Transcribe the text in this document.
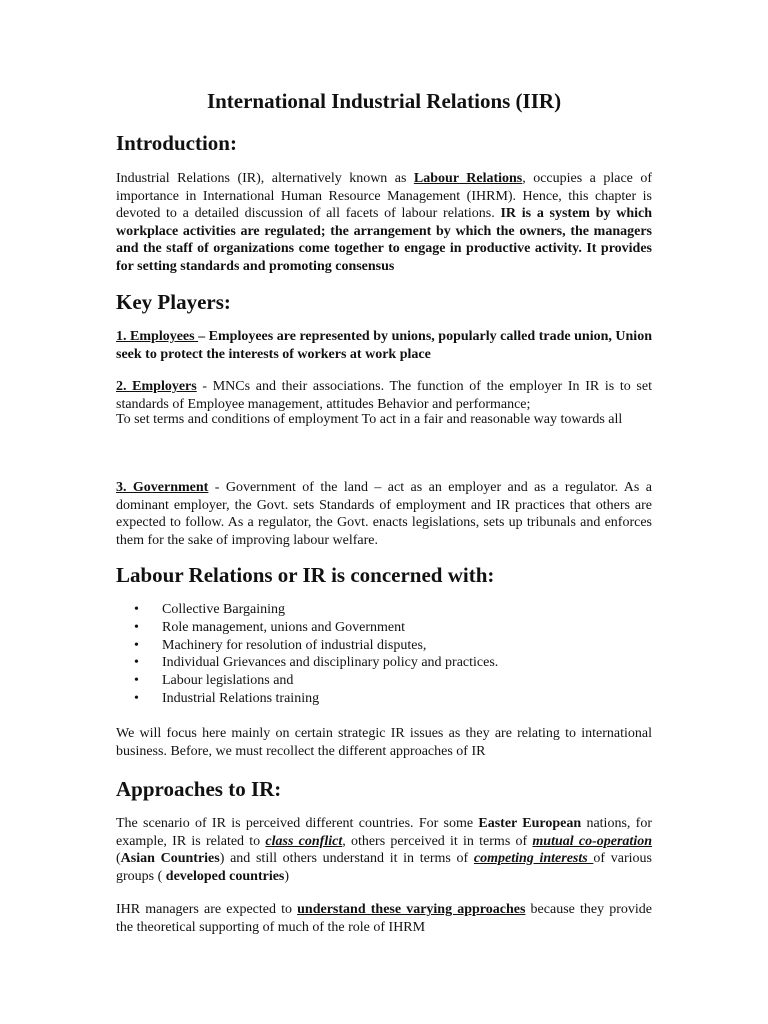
International Industrial Relations (IIR)
Introduction:

Industrial Relations (IR), alternatively known as Labour Relations, occupies a place of importance in International Human Resource Management (IHRM). Hence, this chapter is devoted to a detailed discussion of all facets of labour relations. IR is a system by which workplace activities are regulated; the arrangement by which the owners, the managers and the staff of organizations come together to engage in productive activity. It provides for setting standards and promoting consensus

Key Players:

1. Employees – Employees are represented by unions, popularly called trade union, Union seek to protect the interests of workers at work place

2. Employers - MNCs and their associations. The function of the employer In IR is to set standards of Employee management, attitudes Behavior and performance;

To set terms and conditions of employment To act in a fair and reasonable way towards all

3. Government - Government of the land – act as an employer and as a regulator. As a dominant employer, the Govt. sets Standards of employment and IR practices that others are expected to follow. As a regulator, the Govt. enacts legislations, sets up tribunals and enforces them for the sake of improving labour welfare.

Labour Relations or IR is concerned with:
• Collective Bargaining
• Role management, unions and Government
• Machinery for resolution of industrial disputes,
• Individual Grievances and disciplinary policy and practices.
• Labour legislations and
• Industrial Relations training

We will focus here mainly on certain strategic IR issues as they are relating to international business. Before, we must recollect the different approaches of IR

Approaches to IR:

The scenario of IR is perceived different countries. For some Easter European nations, for example, IR is related to class conflict, others perceived it in terms of mutual co-operation (Asian Countries) and still others understand it in terms of competing interests of various groups ( developed countries)

IHR managers are expected to understand these varying approaches because they provide the theoretical supporting of much of the role of IHRM
